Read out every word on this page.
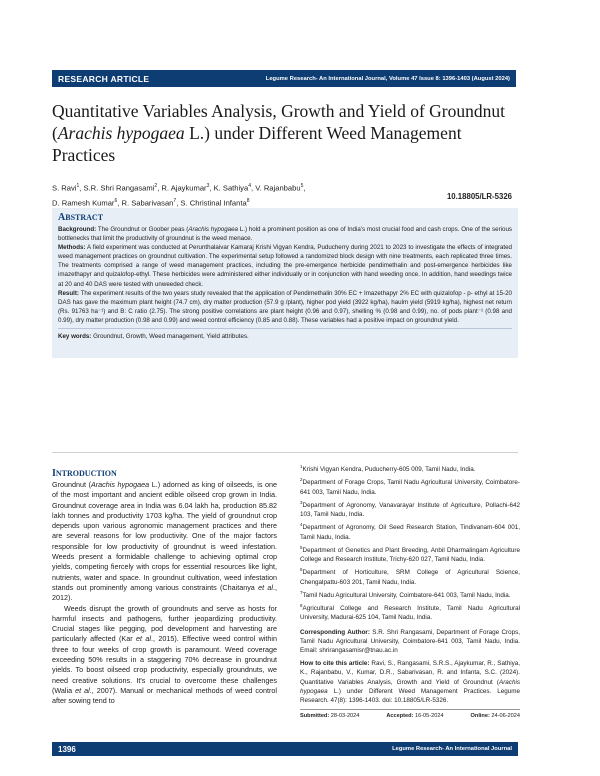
RESEARCH ARTICLE	Legume Research- An International Journal, Volume 47 Issue 8: 1396-1403 (August 2024)
Quantitative Variables Analysis, Growth and Yield of Groundnut
(Arachis hypogaea L.) under Different Weed Management
Practices
S. Ravi$^1$, S.R. Shri Rangasami$^2$, R. Ajaykumar$^3$, K. Sathiya$^4$, V. Rajanbabu$^5$,
D. Ramesh Kumar$^6$, R. Sabarivasan$^7$, S. Christinal Infanta$^8$	10.18805/LR-5326
ABSTRACT

Background: The Groundnut or Goober peas (Arachis hypogaea L.) hold a prominent position as one of India's most crucial food and cash crops. One of the serious bottlenecks that limit the productivity of groundnut is the weed menace.

Methods: A field experiment was conducted at Perunthalaivar Kamaraj Krishi Vigyan Kendra, Puducherry during 2021 to 2023 to investigate the effects of integrated weed management practices on groundnut cultivation. The experimental setup followed a randomized block design with nine treatments, each replicated three times. The treatments comprised a range of weed management practices, including the pre-emergence herbicide pendimethalin and post-emergence herbicides like imazethapyr and quizalofop-ethyl. These herbicides were administered either individually or in conjunction with hand weeding once. In addition, hand weedings twice at 20 and 40 DAS were tested with unweeded check.

Result: The experiment results of the two years study revealed that the application of Pendimethalin 30% EC + Imazethapyr 2% EC with quizalofop - p- ethyl at 15-20 DAS has gave the maximum plant height (74.7 cm), dry matter production (57.9 g /plant), higher pod yield (3922 kg/ha), haulm yield (5919 kg/ha), highest net return (Rs. 91763 ha⁻¹) and B: C ratio (2.75). The strong positive correlations are plant height (0.96 and 0.97), shelling % (0.98 and 0.99), no. of pods plant⁻¹ (0.98 and 0.99), dry matter production (0.98 and 0.99) and weed control efficiency (0.85 and 0.88). These variables had a positive impact on groundnut yield.

Key words: Groundnut, Growth, Weed management, Yield attributes.
INTRODUCTION

Groundnut (Arachis hypogaea L.) adorned as king of oilseeds, is one of the most important and ancient edible oilseed crop grown in India. Groundnut coverage area in India was 6.04 lakh ha, production 85.82 lakh tonnes and productivity 1703 kg/ha. The yield of groundnut crop depends upon various agronomic management practices and there are several reasons for low productivity. One of the major factors responsible for low productivity of groundnut is weed infestation. Weeds present a formidable challenge to achieving optimal crop yields, competing fiercely with crops for essential resources like light, nutrients, water and space. In groundnut cultivation, weed infestation stands out prominently among various constraints (Chaitanya et al., 2012).

Weeds disrupt the growth of groundnuts and serve as hosts for harmful insects and pathogens, further jeopardizing productivity. Crucial stages like pegging, pod development and harvesting are particularly affected (Kar et al., 2015). Effective weed control within three to four weeks of crop growth is paramount. Weed coverage exceeding 50% results in a staggering 70% decrease in groundnut yields. To boost oilseed crop productivity, especially groundnuts, we need creative solutions. It's crucial to overcome these challenges (Walia et al., 2007). Manual or mechanical methods of weed control after sowing tend to

$^1$Krishi Vigyan Kendra, Puducherry-605 009, Tamil Nadu, India.

$^2$Department of Forage Crops, Tamil Nadu Agricultural University, Coimbatore-641 003, Tamil Nadu, India.

$^3$Department of Agronomy, Vanavarayar Institute of Agriculture, Pollachi-642 103, Tamil Nadu, India.

$^4$Department of Agronomy, Oil Seed Research Station, Tindivanam-604 001, Tamil Nadu, India.

$^5$Department of Genetics and Plant Breeding, Anbil Dharmalingam Agriculture College and Research Institute, Trichy-620 027, Tamil Nadu, India.

$^6$Department of Horticulture, SRM College of Agricultural Science, Chengalpattu-603 201, Tamil Nadu, India.

$^7$Tamil Nadu Agricultural University, Coimbatore-641 003, Tamil Nadu, India.

$^8$Agricultural College and Research Institute, Tamil Nadu Agricultural University, Madurai-625 104, Tamil Nadu, India.

Corresponding Author: S.R. Shri Rangasami, Department of Forage Crops, Tamil Nadu Agricultural University, Coimbatore-641 003, Tamil Nadu, India. Email: shrirangasamisr@tnau.ac.in

How to cite this article: Ravi, S., Rangasami, S.R.S., Ajaykumar, R., Sathiya, K., Rajanbabu, V., Kumar, D.R., Sabarivasan, R. and Infanta, S.C. (2024). Quantitative Variables Analysis, Growth and Yield of Groundnut (Arachis hypogaea L.) under Different Weed Management Practices. Legume Research. 47(8): 1396-1403. doi: 10.18805/LR-5326.

Submitted: 28-03-2024	Accepted: 16-05-2024	Online: 24-06-2024
1396	Legume Research- An International Journal
